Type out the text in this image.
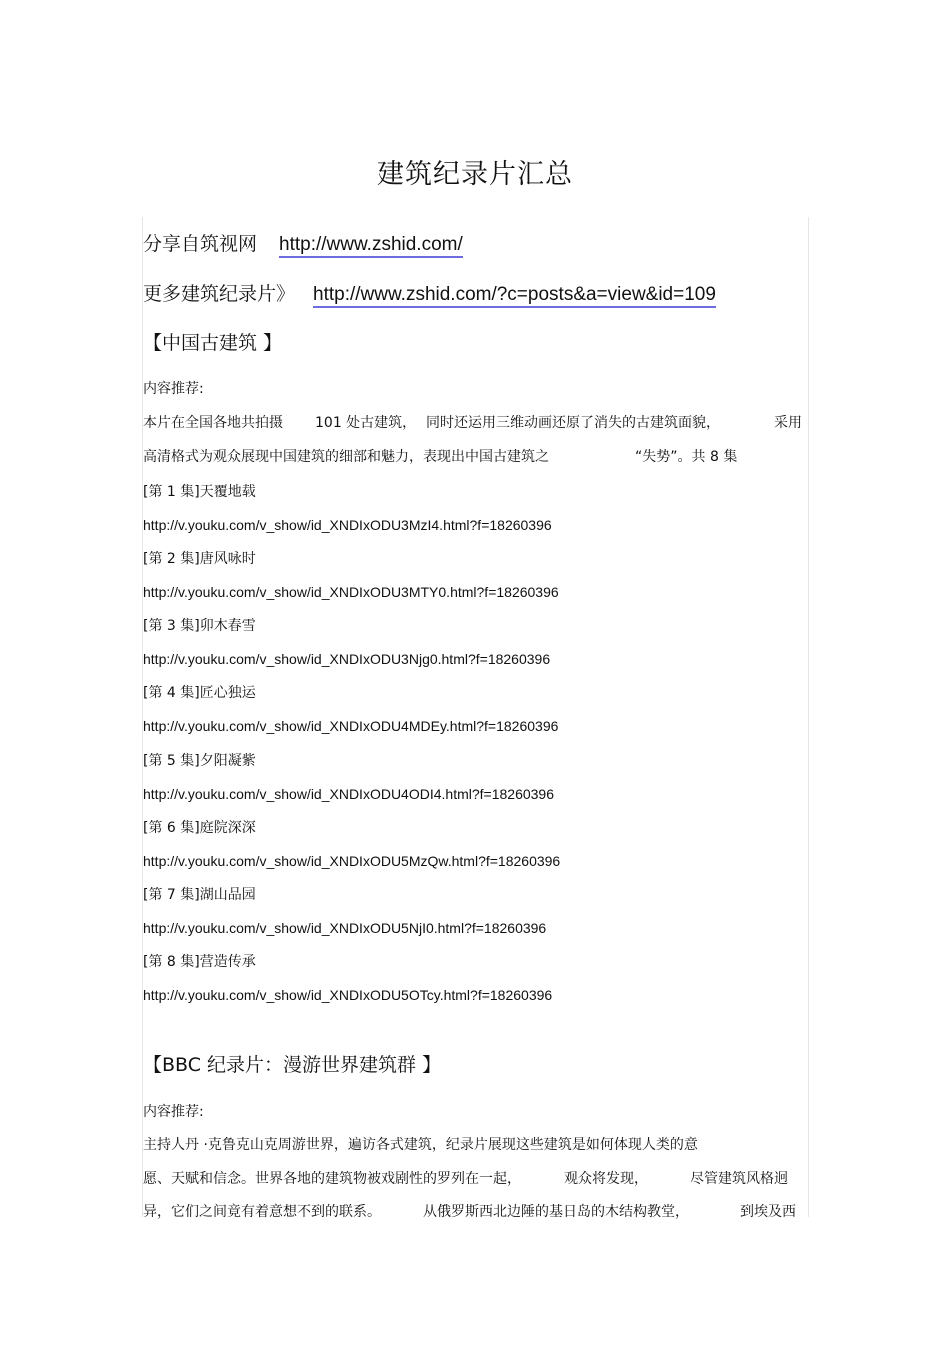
建筑纪录片汇总
分享自筑视网 http://www.zshid.com/
更多建筑纪录片》 http://www.zshid.com/?c=posts&a=view&id=109
【中国古建筑 】
内容推荐:
本片在全国各地共拍摄 101 处古建筑， 同时还运用三维动画还原了消失的古建筑面貌，	采用
高清格式为观众展现中国建筑的细部和魅力，表现出中国古建筑之	“失势”。共 8 集
[第 1 集]天覆地载
http://v.youku.com/v_show/id_XNDIxODU3MzI4.html?f=18260396
[第 2 集]唐风咏时
http://v.youku.com/v_show/id_XNDIxODU3MTY0.html?f=18260396
[第 3 集]卯木春雪
http://v.youku.com/v_show/id_XNDIxODU3Njg0.html?f=18260396
[第 4 集]匠心独运
http://v.youku.com/v_show/id_XNDIxODU4MDEy.html?f=18260396
[第 5 集]夕阳凝紫
http://v.youku.com/v_show/id_XNDIxODU4ODI4.html?f=18260396
[第 6 集]庭院深深
http://v.youku.com/v_show/id_XNDIxODU5MzQw.html?f=18260396
[第 7 集]湖山品园
http://v.youku.com/v_show/id_XNDIxODU5NjI0.html?f=18260396
[第 8 集]营造传承
http://v.youku.com/v_show/id_XNDIxODU5OTcy.html?f=18260396
【BBC 纪录片：漫游世界建筑群 】
内容推荐:
主持人丹 ·克鲁克山克周游世界，遍访各式建筑，纪录片展现这些建筑是如何体现人类的意
愿、天赋和信念。世界各地的建筑物被戏剧性的罗列在一起，	观众将发现，	尽管建筑风格迥
异，它们之间竟有着意想不到的联系。	从俄罗斯西北边陲的基日岛的木结构教堂，	到埃及西
